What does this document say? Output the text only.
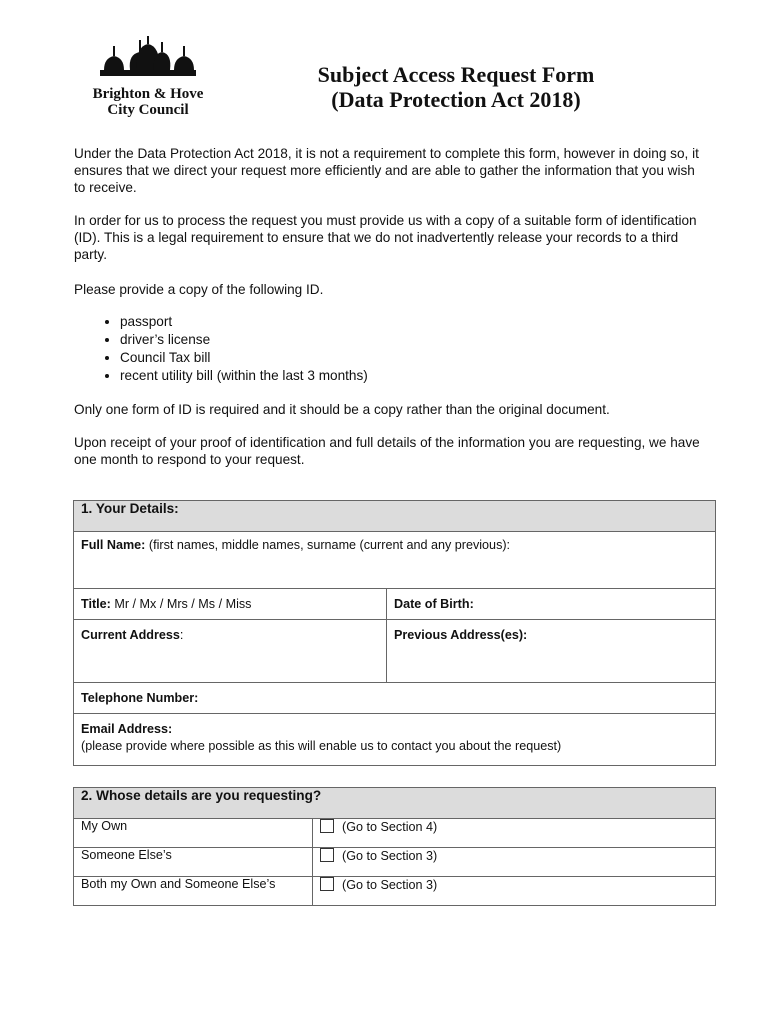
Brighton & Hove
City Council
Subject Access Request Form
(Data Protection Act 2018)
Under the Data Protection Act 2018, it is not a requirement to complete this form, however in doing so, it ensures that we direct your request more efficiently and are able to gather the information that you wish to receive.
In order for us to process the request you must provide us with a copy of a suitable form of identification (ID). This is a legal requirement to ensure that we do not inadvertently release your records to a third party.
Please provide a copy of the following ID.
• passport
• driver’s license
• Council Tax bill
• recent utility bill (within the last 3 months)
Only one form of ID is required and it should be a copy rather than the original document.
Upon receipt of your proof of identification and full details of the information you are requesting, we have one month to respond to your request.
1. Your Details:	
Full Name: (first names, middle names, surname (current and any previous):	
Title: Mr / Mx / Mrs / Ms / Miss	Date of Birth:
Current Address:	Previous Address(es):
Telephone Number:	

Email Address:
(please provide where possible as this will enable us to contact you about the request)	
2. Whose details are you requesting?	
My Own	(Go to Section 4)
Someone Else’s	(Go to Section 3)
Both my Own and Someone Else’s	(Go to Section 3)
